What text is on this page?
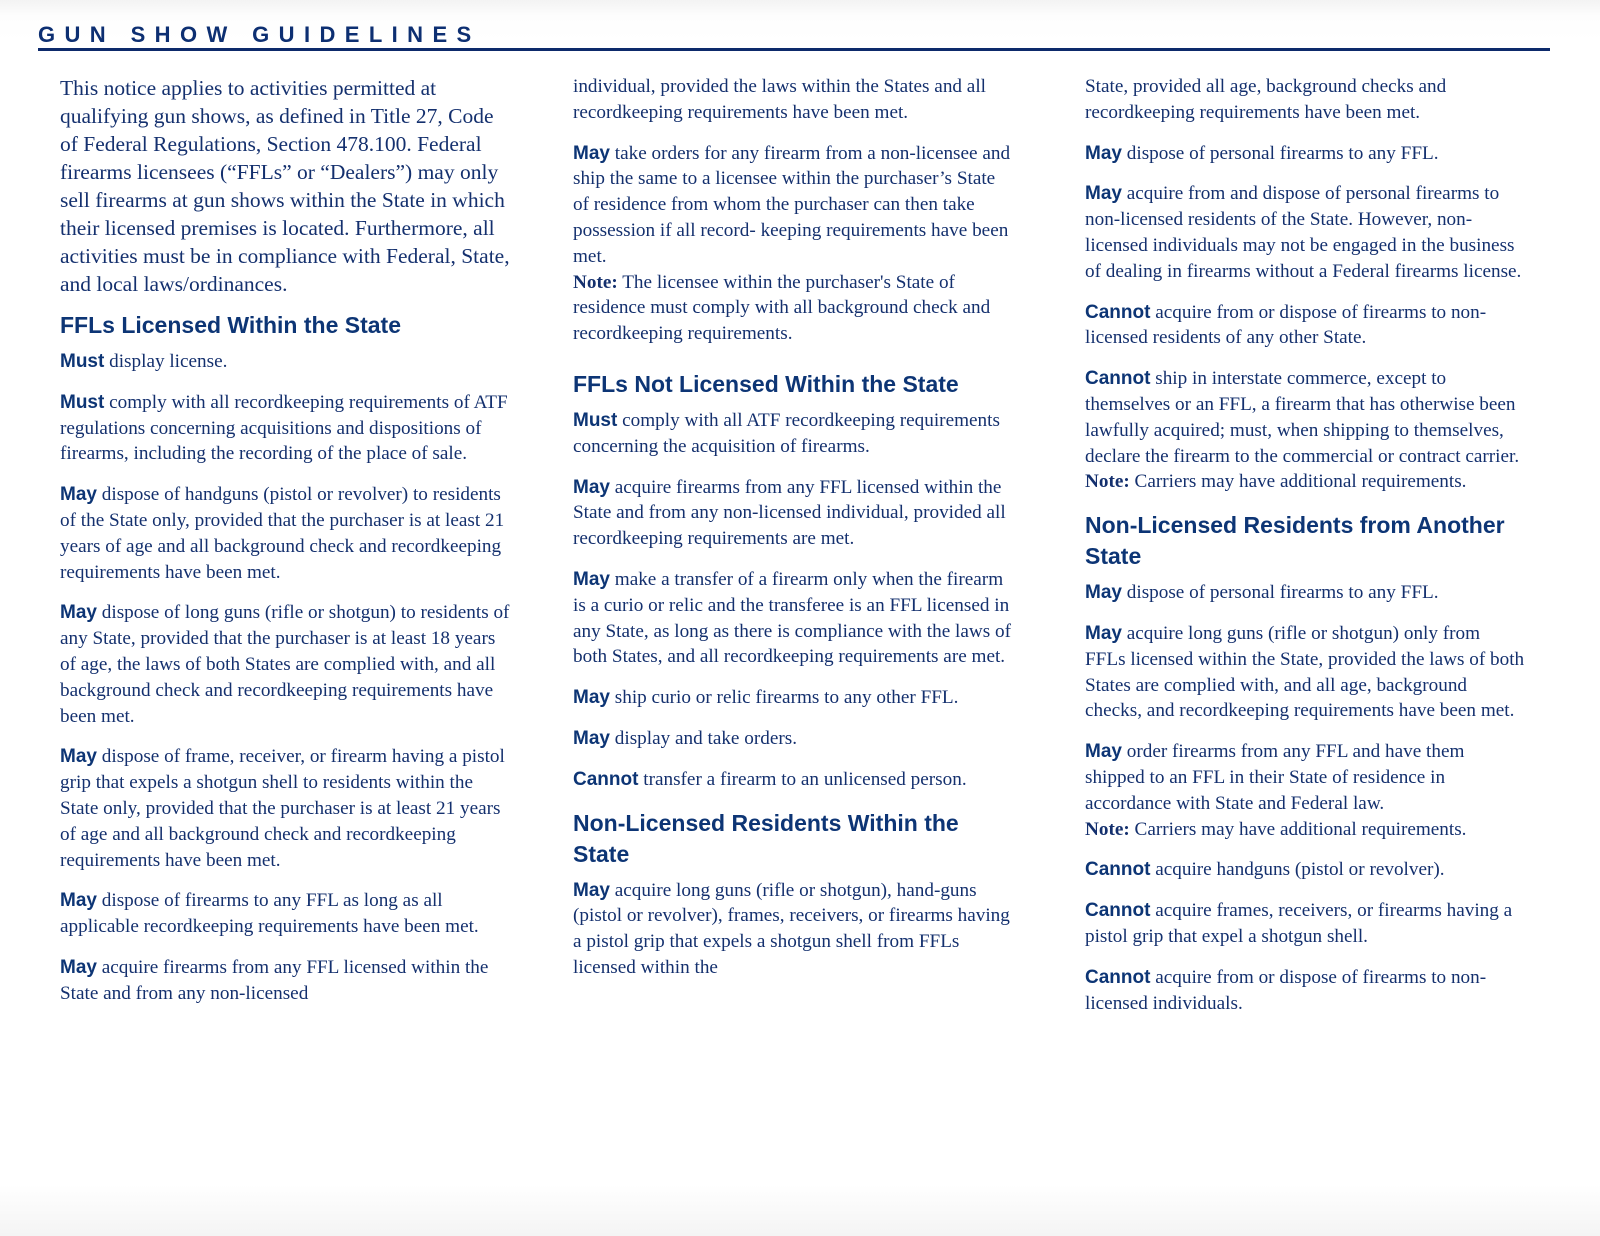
GUN SHOW GUIDELINES

This notice applies to activities permitted at qualifying gun shows, as defined in Title 27, Code of Federal Regulations, Section 478.100. Federal firearms licensees (“FFLs” or “Dealers”) may only sell firearms at gun shows within the State in which their licensed premises is located. Furthermore, all activities must be in compliance with Federal, State, and local laws/ordinances.

FFLs Licensed Within the State

Must display license.

Must comply with all recordkeeping requirements of ATF regulations concerning acquisitions and dispositions of firearms, including the recording of the place of sale.

May dispose of handguns (pistol or revolver) to residents of the State only, provided that the purchaser is at least 21 years of age and all background check and recordkeeping requirements have been met.

May dispose of long guns (rifle or shotgun) to residents of any State, provided that the purchaser is at least 18 years of age, the laws of both States are complied with, and all background check and recordkeeping requirements have been met.

May dispose of frame, receiver, or firearm having a pistol grip that expels a shotgun shell to residents within the State only, provided that the purchaser is at least 21 years of age and all background check and recordkeeping requirements have been met.

May dispose of firearms to any FFL as long as all applicable recordkeeping requirements have been met.

May acquire firearms from any FFL licensed within the State and from any non-licensed

individual, provided the laws within the States and all recordkeeping requirements have been met.

May take orders for any firearm from a non-licensee and ship the same to a licensee within the purchaser’s State of residence from whom the purchaser can then take possession if all record- keeping requirements have been met.
Note: The licensee within the purchaser's State of residence must comply with all background check and recordkeeping requirements.

FFLs Not Licensed Within the State

Must comply with all ATF recordkeeping requirements concerning the acquisition of firearms.

May acquire firearms from any FFL licensed within the State and from any non-licensed individual, provided all recordkeeping requirements are met.

May make a transfer of a firearm only when the firearm is a curio or relic and the transferee is an FFL licensed in any State, as long as there is compliance with the laws of both States, and all recordkeeping requirements are met.

May ship curio or relic firearms to any other FFL.

May display and take orders.

Cannot transfer a firearm to an unlicensed person.

Non-Licensed Residents Within the State

May acquire long guns (rifle or shotgun), hand-guns (pistol or revolver), frames, receivers, or firearms having a pistol grip that expels a shotgun shell from FFLs licensed within the

State, provided all age, background checks and recordkeeping requirements have been met.

May dispose of personal firearms to any FFL.

May acquire from and dispose of personal firearms to non-licensed residents of the State. However, non-licensed individuals may not be engaged in the business of dealing in firearms without a Federal firearms license.

Cannot acquire from or dispose of firearms to non-licensed residents of any other State.

Cannot ship in interstate commerce, except to themselves or an FFL, a firearm that has otherwise been lawfully acquired; must, when shipping to themselves, declare the firearm to the commercial or contract carrier.
Note: Carriers may have additional requirements.

Non-Licensed Residents from Another State

May dispose of personal firearms to any FFL.

May acquire long guns (rifle or shotgun) only from FFLs licensed within the State, provided the laws of both States are complied with, and all age, background checks, and recordkeeping requirements have been met.

May order firearms from any FFL and have them shipped to an FFL in their State of residence in accordance with State and Federal law.
Note: Carriers may have additional requirements.

Cannot acquire handguns (pistol or revolver).

Cannot acquire frames, receivers, or firearms having a pistol grip that expel a shotgun shell.

Cannot acquire from or dispose of firearms to non-licensed individuals.
